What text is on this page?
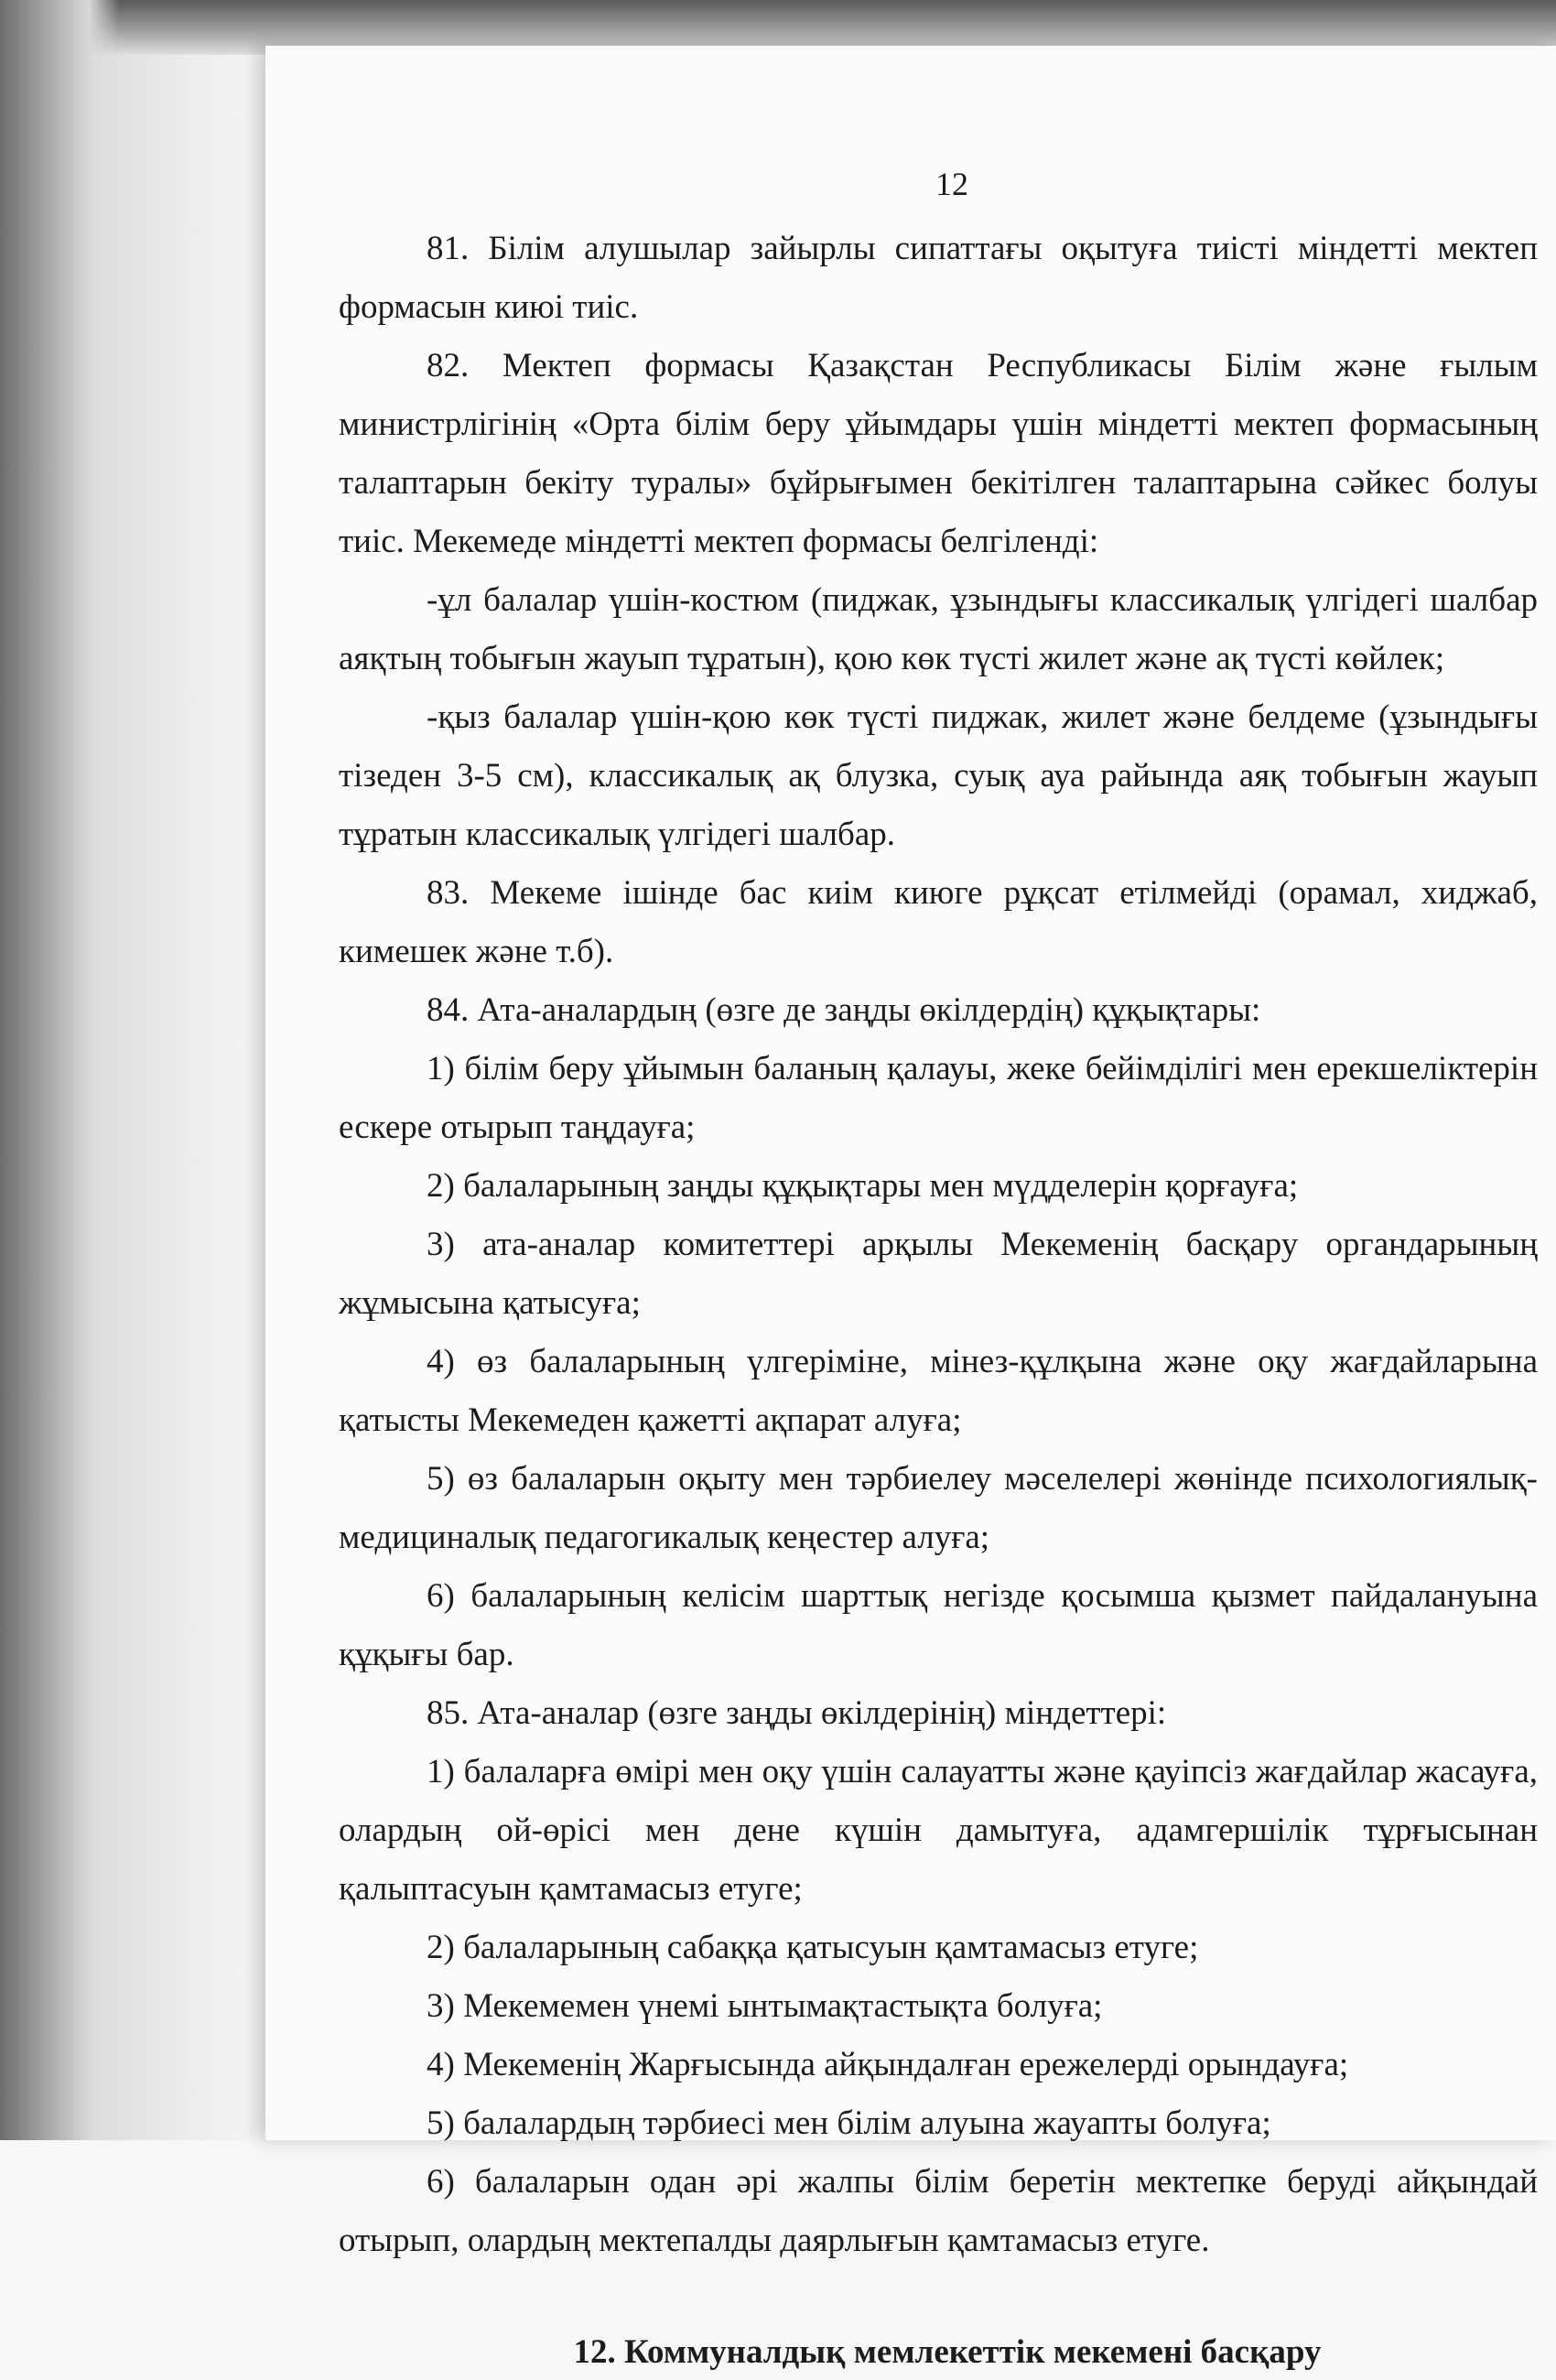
12

81. Білім алушылар зайырлы сипаттағы оқытуға тиісті міндетті мектеп формасын киюі тиіс.

82. Мектеп формасы Қазақстан Республикасы Білім және ғылым министрлігінің «Орта білім беру ұйымдары үшін міндетті мектеп формасының талаптарын бекіту туралы» бұйрығымен бекітілген талаптарына сәйкес болуы тиіс. Мекемеде міндетті мектеп формасы белгіленді:

-ұл балалар үшін-костюм (пиджак, ұзындығы классикалық үлгідегі шалбар аяқтың тобығын жауып тұратын), қою көк түсті жилет және ақ түсті көйлек;

-қыз балалар үшін-қою көк түсті пиджак, жилет және белдеме (ұзындығы тізеден 3-5 см), классикалық ақ блузка, суық ауа райында аяқ тобығын жауып тұратын классикалық үлгідегі шалбар.

83. Мекеме ішінде бас киім киюге рұқсат етілмейді (орамал, хиджаб, кимешек және т.б).

84. Ата-аналардың (өзге де заңды өкілдердің) құқықтары:

1) білім беру ұйымын баланың қалауы, жеке бейімділігі мен ерекшеліктерін ескере отырып таңдауға;

2) балаларының заңды құқықтары мен мүдделерін қорғауға;

3) ата-аналар комитеттері арқылы Мекеменің басқару органдарының жұмысына қатысуға;

4) өз балаларының үлгеріміне, мінез-құлқына және оқу жағдайларына қатысты Мекемеден қажетті ақпарат алуға;

5) өз балаларын оқыту мен тәрбиелеу мәселелері жөнінде психологиялық-медициналық педагогикалық кеңестер алуға;

6) балаларының келісім шарттық негізде қосымша қызмет пайдалануына құқығы бар.

85. Ата-аналар (өзге заңды өкілдерінің) міндеттері:

1) балаларға өмірі мен оқу үшін салауатты және қауіпсіз жағдайлар жасауға, олардың ой-өрісі мен дене күшін дамытуға, адамгершілік тұрғысынан қалыптасуын қамтамасыз етуге;

2) балаларының сабаққа қатысуын қамтамасыз етуге;

3) Мекемемен үнемі ынтымақтастықта болуға;

4) Мекеменің Жарғысында айқындалған ережелерді орындауға;

5) балалардың тәрбиесі мен білім алуына жауапты болуға;

6) балаларын одан әрі жалпы білім беретін мектепке беруді айқындай отырып, олардың мектепалды даярлығын қамтамасыз етуге.

12. Коммуналдық мемлекеттік мекемені басқару
